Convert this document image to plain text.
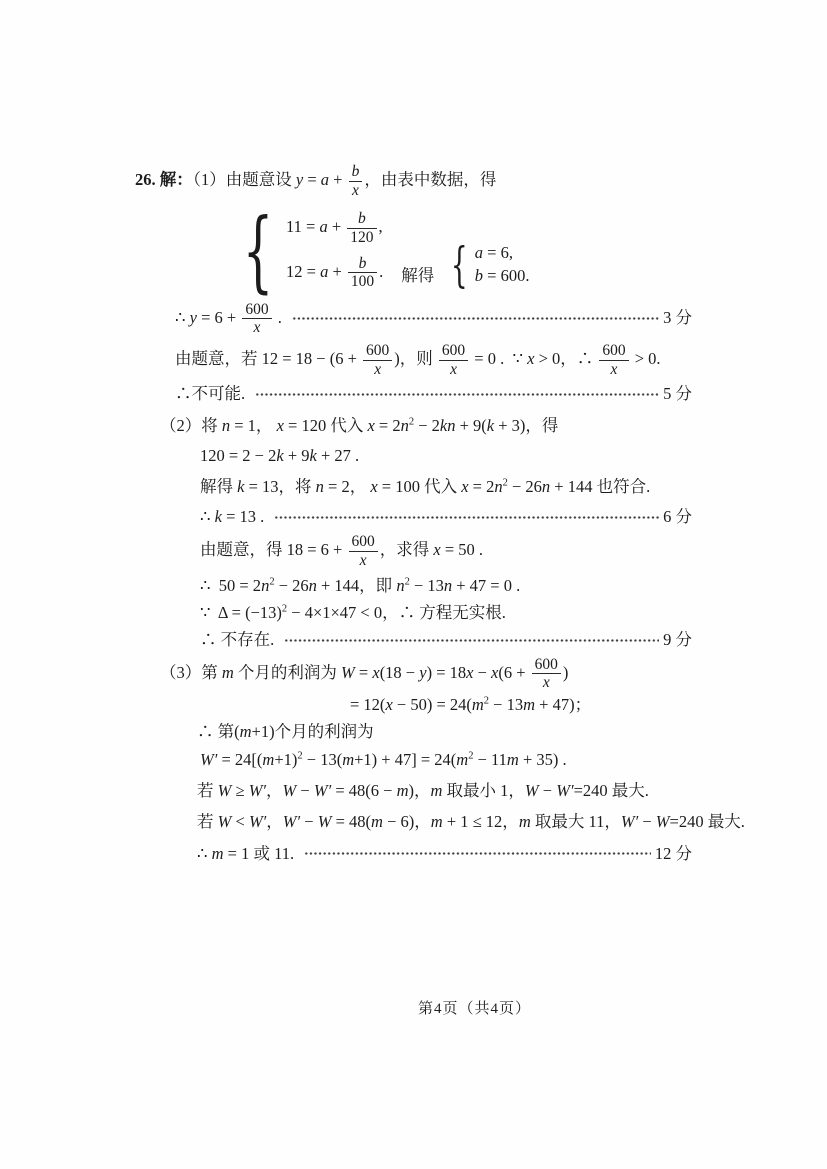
26. 解：（1）由题意设 $y = a + \frac{b}{x}$ ，由表中数据，得
{ $11 = a + \frac{b}{120}$ ,
$12 = a + \frac{b}{100}$ . 解得 { a = 6,
b = 600.
∴ $y = 6 + \frac{600}{x}$ .	3 分
由题意，若 $12 = 18 - (6 + \frac{600}{x}$ )，则 $\frac{600}{x} = 0$ .  ∵ x > 0，∴ $\frac{600}{x} > 0$.
∴不可能.	5 分
（2）将 n = 1， x = 120 代入 $x = 2n^2 - 2kn + 9(k + 3)$，得
120 = 2 − 2k + 9k + 27 .
解得 k = 13，将 n = 2， x = 100 代入 $x = 2n^2 - 26n + 144$ 也符合.
∴ k = 13 .	6 分
由题意，得 $18 = 6 + \frac{600}{x}$ ，求得 x = 50 .
∴  $50 = 2n^2 - 26n + 144$，即 $n^2 - 13n + 47 = 0$ .
∵  $\Delta = (-13)^2 - 4\times 1\times 47 < 0$，∴ 方程无实根.
∴ 不存在.	9 分
（3）第 m 个月的利润为 $W = x(18 - y) = 18x - x(6 + \frac{600}{x}$ )
= $12(x - 50) = 24(m^2 - 13m + 47)$；
∴ 第(m+1)个月的利润为
$W' = 24[(m+1)^2 - 13(m+1) + 47] = 24(m^2 - 11m + 35)$ .
若 W ≥ W′，W − W′ = 48(6 − m)，m 取最小 1，W − W′=240 最大.
若 W < W′，W′ − W = 48(m − 6)，m + 1 ≤ 12，m 取最大 11，W′ − W=240 最大.
∴ m = 1 或 11.	12 分
第4页（共4页）
